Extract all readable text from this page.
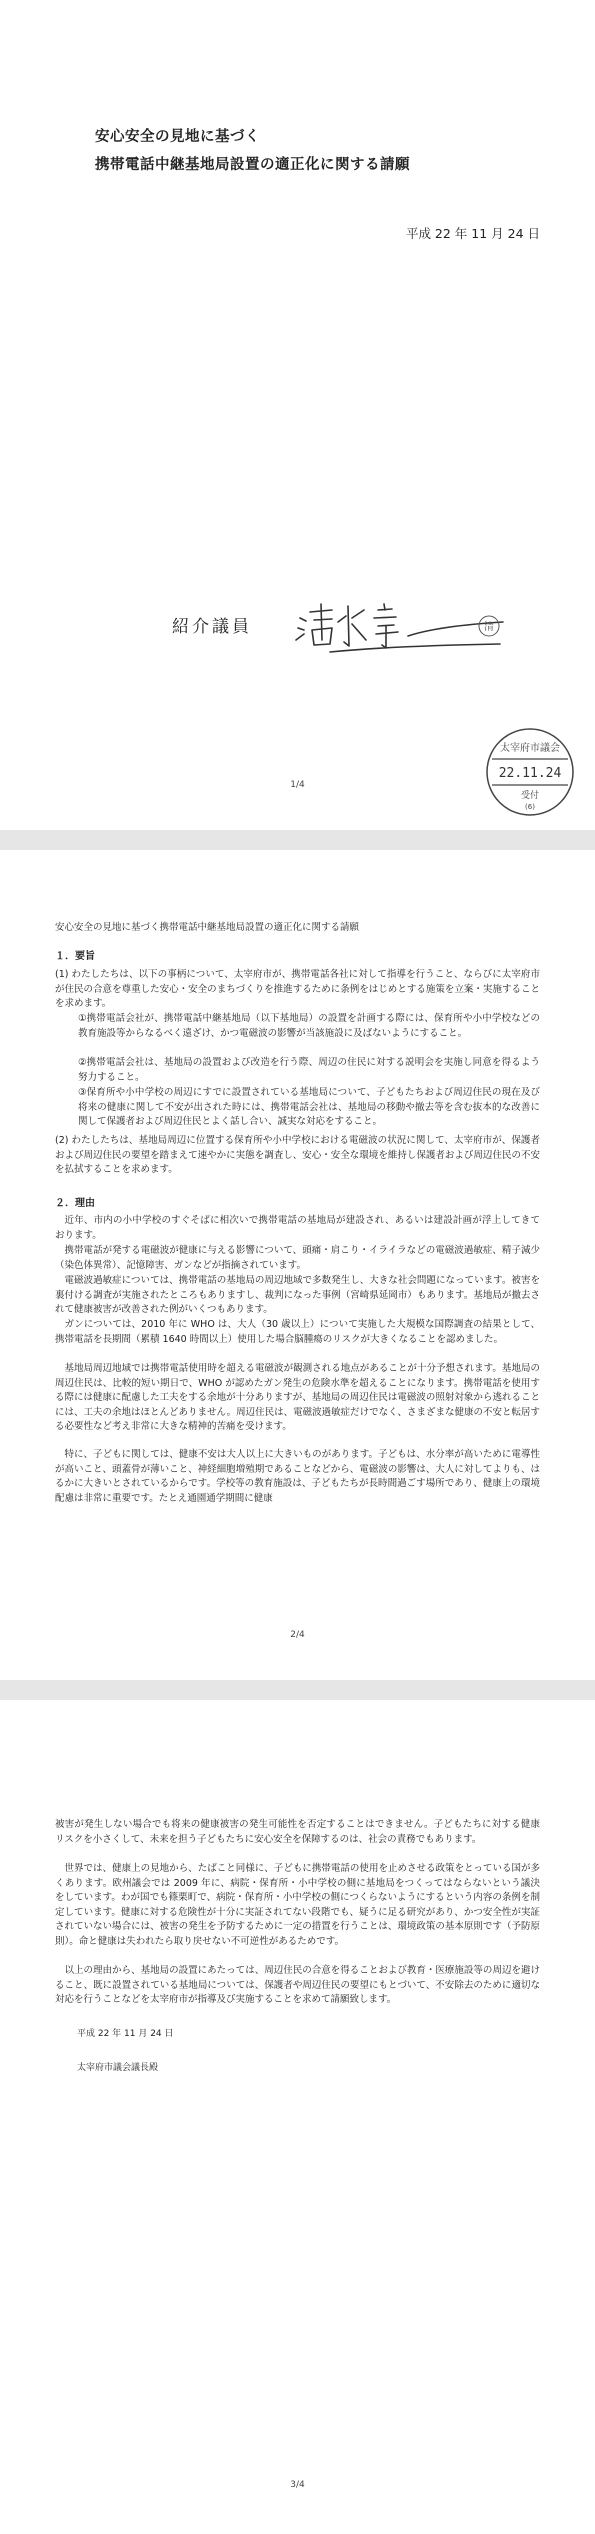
安心安全の見地に基づく
携帯電話中継基地局設置の適正化に関する請願
平成 22 年 11 月 24 日
紹介議員	清
太宰府市議会
22.11.24
受付
(6)
1/4
安心安全の見地に基づく携帯電話中継基地局設置の適正化に関する請願
１．要旨
(1) わたしたちは、以下の事柄について、太宰府市が、携帯電話各社に対して指導を行うこと、ならびに太宰府市が住民の合意を尊重した安心・安全のまちづくりを推進するために条例をはじめとする施策を立案・実施することを求めます。
①携帯電話会社が、携帯電話中継基地局（以下基地局）の設置を計画する際には、保育所や小中学校などの教育施設等からなるべく遠ざけ、かつ電磁波の影響が当該施設に及ばないようにすること。
②携帯電話会社は、基地局の設置および改造を行う際、周辺の住民に対する説明会を実施し同意を得るよう努力すること。
③保育所や小中学校の周辺にすでに設置されている基地局について、子どもたちおよび周辺住民の現在及び将来の健康に関して不安が出された時には、携帯電話会社は、基地局の移動や撤去等を含む抜本的な改善に関して保護者および周辺住民とよく話し合い、誠実な対応をすること。
(2) わたしたちは、基地局周辺に位置する保育所や小中学校における電磁波の状況に関して、太宰府市が、保護者および周辺住民の要望を踏まえて速やかに実態を調査し、安心・安全な環境を維持し保護者および周辺住民の不安を払拭することを求めます。
２．理由
近年、市内の小中学校のすぐそばに相次いで携帯電話の基地局が建設され、あるいは建設計画が浮上してきております。
携帯電話が発する電磁波が健康に与える影響について、頭痛・肩こり・イライラなどの電磁波過敏症、精子減少（染色体異常）、記憶障害、ガンなどが指摘されています。
電磁波過敏症については、携帯電話の基地局の周辺地域で多数発生し、大きな社会問題になっています。被害を裏付ける調査が実施されたところもありますし、裁判になった事例（宮崎県延岡市）もあります。基地局が撤去されて健康被害が改善された例がいくつもあります。
ガンについては、2010 年に WHO は、大人（30 歳以上）について実施した大規模な国際調査の結果として、携帯電話を長期間（累積 1640 時間以上）使用した場合脳腫瘍のリスクが大きくなることを認めました。
基地局周辺地域では携帯電話使用時を超える電磁波が観測される地点があることが十分予想されます。基地局の周辺住民は、比較的短い期日で、WHO が認めたガン発生の危険水準を超えることになります。携帯電話を使用する際には健康に配慮した工夫をする余地が十分ありますが、基地局の周辺住民は電磁波の照射対象から逃れることには、工夫の余地はほとんどありません。周辺住民は、電磁波過敏症だけでなく、さまざまな健康の不安と転居する必要性など考え非常に大きな精神的苦痛を受けます。
特に、子どもに関しては、健康不安は大人以上に大きいものがあります。子どもは、水分率が高いために電導性が高いこと、頭蓋骨が薄いこと、神経細胞増殖期であることなどから、電磁波の影響は、大人に対してよりも、はるかに大きいとされているからです。学校等の教育施設は、子どもたちが長時間過ごす場所であり、健康上の環境配慮は非常に重要です。たとえ通園通学期間に健康
2/4
被害が発生しない場合でも将来の健康被害の発生可能性を否定することはできません。子どもたちに対する健康リスクを小さくして、未来を担う子どもたちに安心安全を保障するのは、社会の責務でもあります。
世界では、健康上の見地から、たばこと同様に、子どもに携帯電話の使用を止めさせる政策をとっている国が多くあります。欧州議会では 2009 年に、病院・保育所・小中学校の側に基地局をつくってはならないという議決をしています。わが国でも篠栗町で、病院・保育所・小中学校の側につくらないようにするという内容の条例を制定しています。健康に対する危険性が十分に実証されてない段階でも、疑うに足る研究があり、かつ安全性が実証されていない場合には、被害の発生を予防するために一定の措置を行うことは、環境政策の基本原則です（予防原則）。命と健康は失われたら取り戻せない不可逆性があるためです。
以上の理由から、基地局の設置にあたっては、周辺住民の合意を得ることおよび教育・医療施設等の周辺を避けること、既に設置されている基地局については、保護者や周辺住民の要望にもとづいて、不安除去のために適切な対応を行うことなどを太宰府市が指導及び実施することを求めて請願致します。
平成 22 年 11 月 24 日
太宰府市議会議長殿
3/4
